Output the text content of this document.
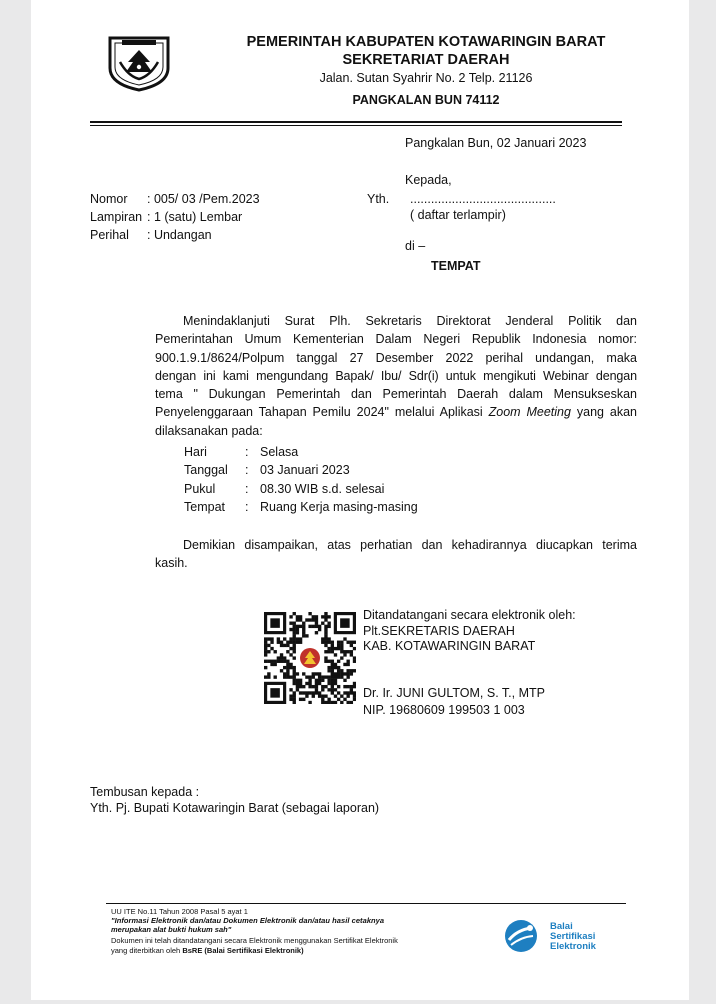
PEMERINTAH KABUPATEN KOTAWARINGIN BARAT
SEKRETARIAT DAERAH
Jalan. Sutan Syahrir No. 2 Telp. 21126
PANGKALAN BUN 74112
Pangkalan Bun, 02 Januari 2023
Kepada,
Yth. ..........................................
( daftar terlampir)
di –
TEMPAT
Nomor : 005/ 03 /Pem.2023
Lampiran : 1 (satu) Lembar
Perihal : Undangan
Menindaklanjuti Surat Plh. Sekretaris Direktorat Jenderal Politik dan
Pemerintahan Umum Kementerian Dalam Negeri Republik Indonesia nomor:
900.1.9.1/8624/Polpum tanggal 27 Desember 2022 perihal undangan, maka
dengan ini kami mengundang Bapak/ Ibu/ Sdr(i) untuk mengikuti Webinar dengan
tema " Dukungan Pemerintah dan Pemerintah Daerah dalam Mensukseskan
Penyelenggaraan Tahapan Pemilu 2024" melalui Aplikasi Zoom Meeting yang akan
dilaksanakan pada:
Hari	: Selasa
Tanggal : 03 Januari 2023
Pukul : 08.30 WIB s.d. selesai
Tempat : Ruang Kerja masing-masing
Demikian disampaikan, atas perhatian dan kehadirannya diucapkan terima
kasih.
Ditandatangani secara elektronik oleh:
Plt.SEKRETARIS DAERAH
KAB. KOTAWARINGIN BARAT
Dr. Ir. JUNI GULTOM, S. T., MTP
NIP. 19680609 199503 1 003
Tembusan kepada :
Yth. Pj. Bupati Kotawaringin Barat (sebagai laporan)
UU ITE No.11 Tahun 2008 Pasal 5 ayat 1
"Informasi Elektronik dan/atau Dokumen Elektronik dan/atau hasil cetaknya
merupakan alat bukti hukum sah"
Dokumen ini telah ditandatangani secara Elektronik menggunakan Sertifikat Elektronik
yang diterbitkan oleh BsRE (Balai Sertifikasi Elektronik)
Balai
Sertifikasi
Elektronik
